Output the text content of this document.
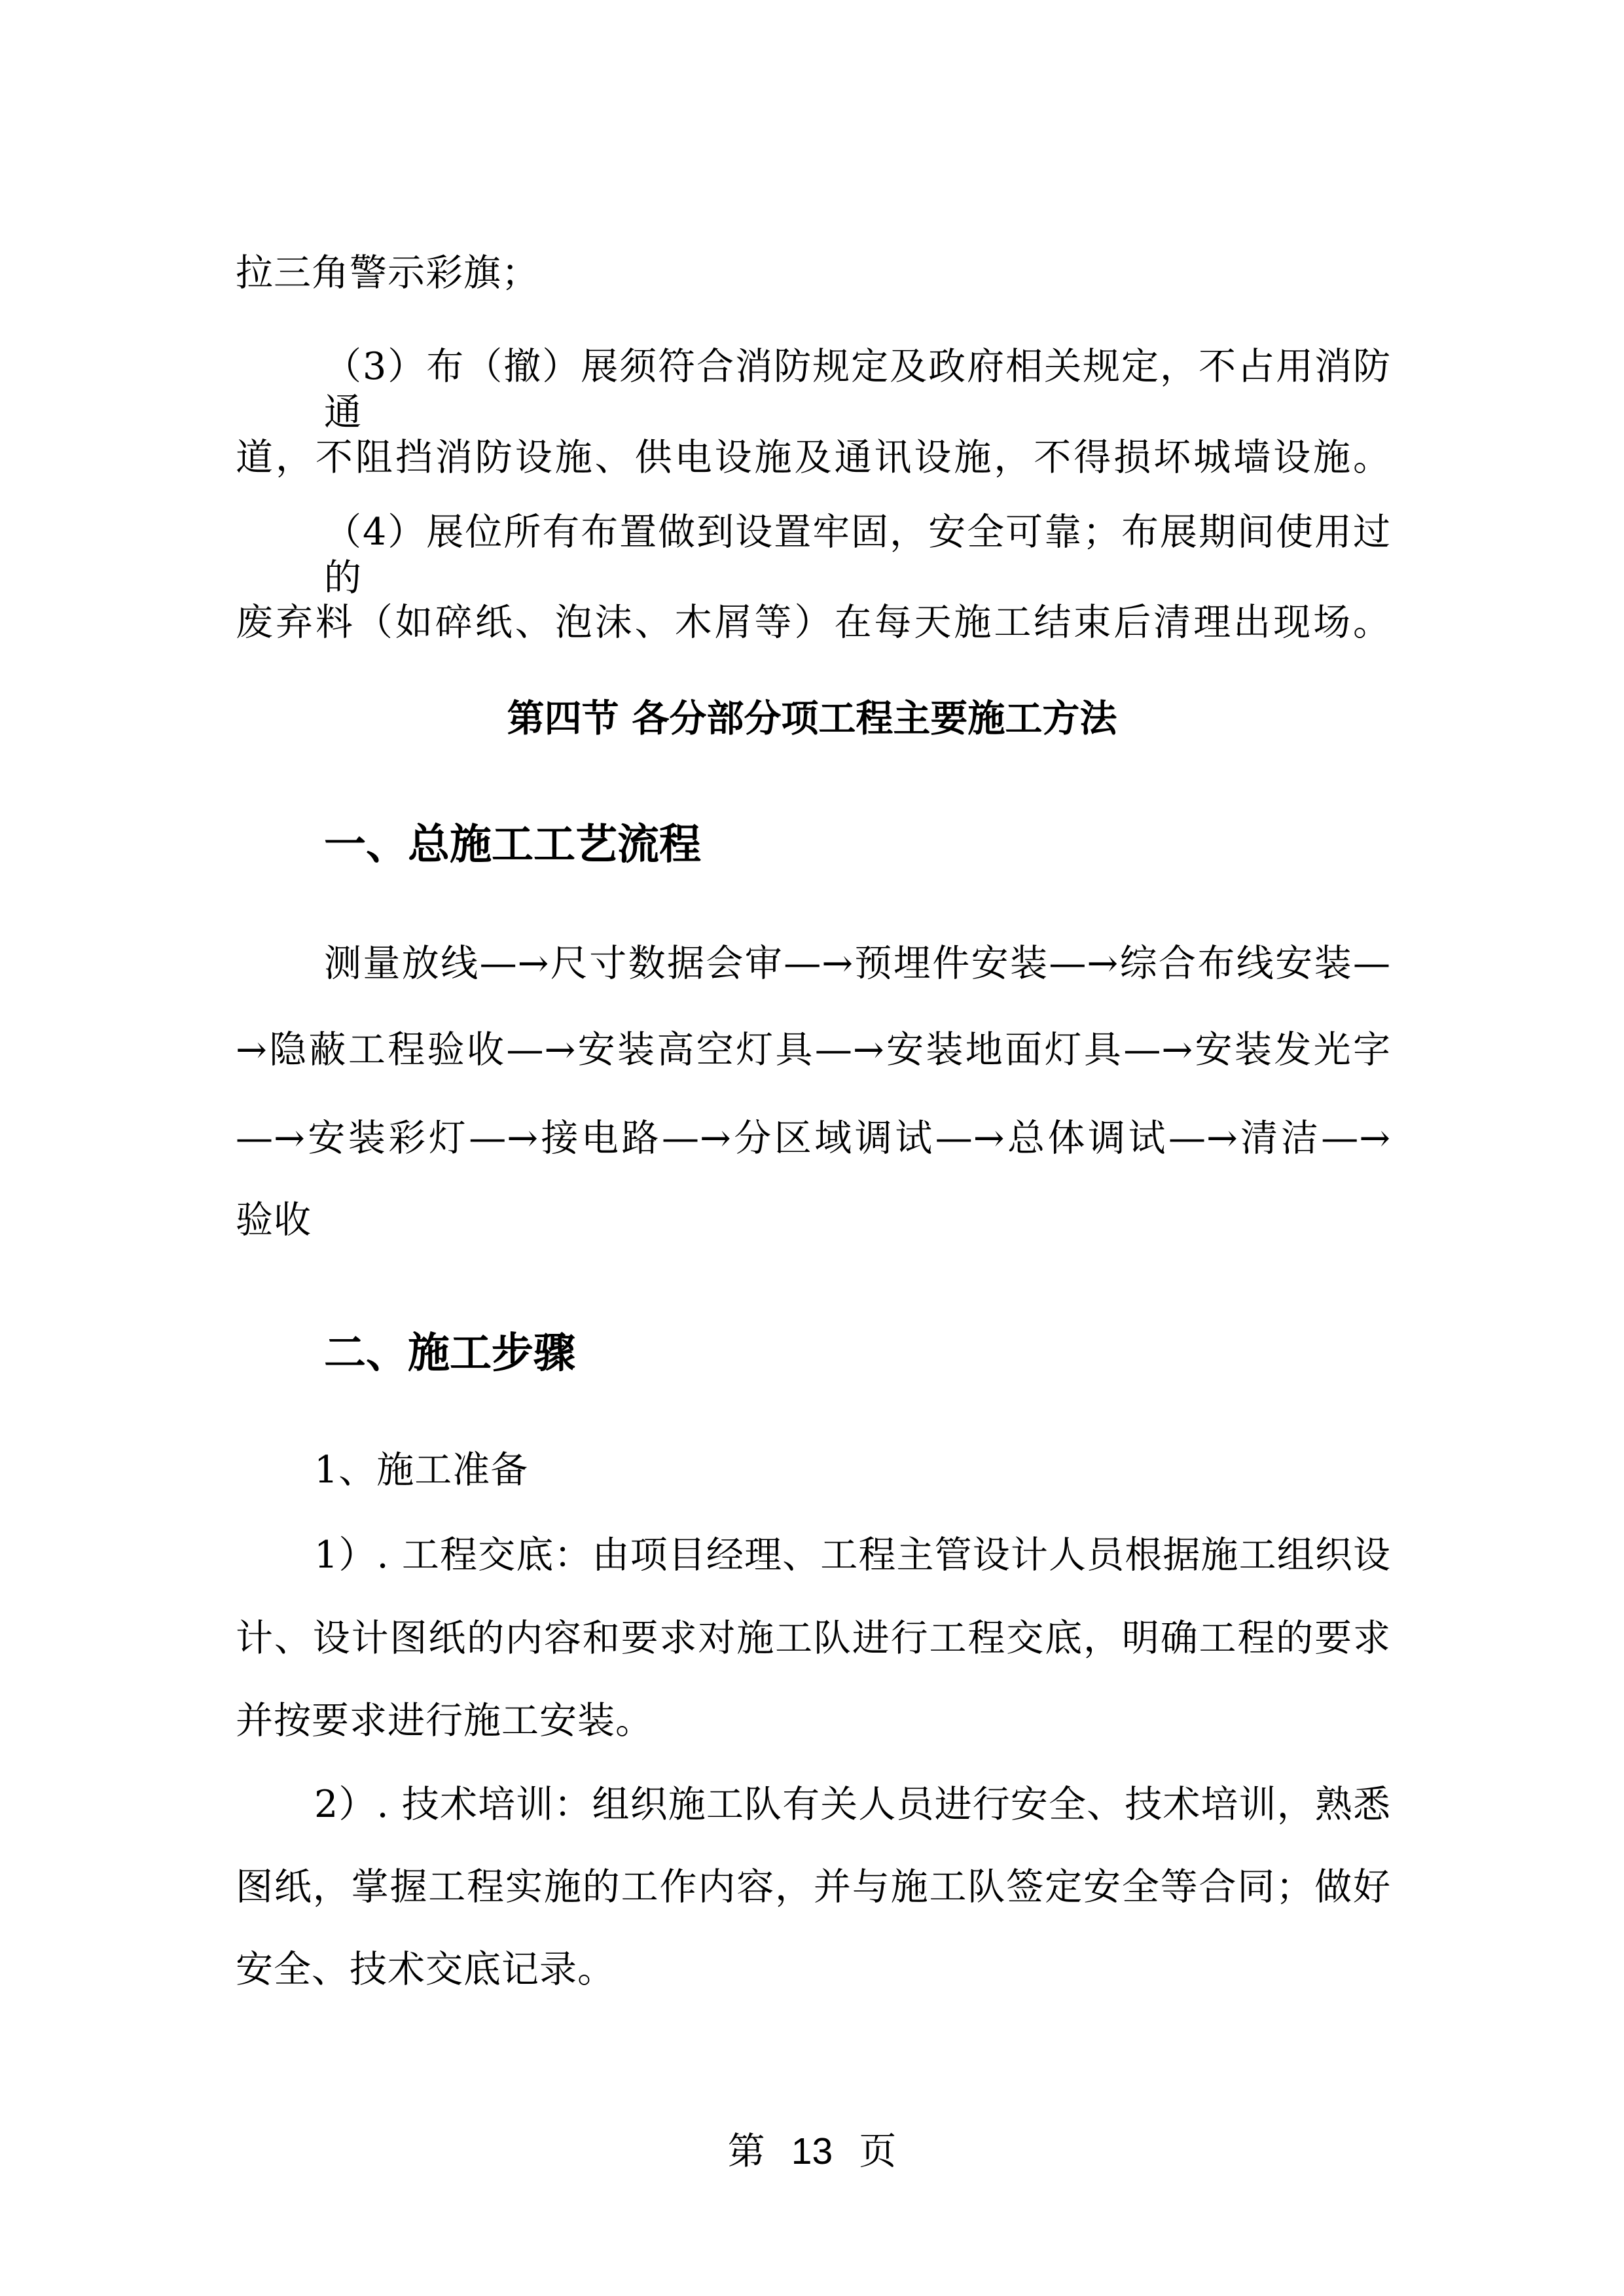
拉三角警示彩旗；
（3）布（撤）展须符合消防规定及政府相关规定，不占用消防通
道，不阻挡消防设施、供电设施及通讯设施，不得损坏城墙设施。
（4）展位所有布置做到设置牢固，安全可靠；布展期间使用过的
废弃料（如碎纸、泡沫、木屑等）在每天施工结束后清理出现场。
第四节 各分部分项工程主要施工方法
一、总施工工艺流程
测量放线—→尺寸数据会审—→预埋件安装—→综合布线安装—
→隐蔽工程验收—→安装高空灯具—→安装地面灯具—→安装发光字
—→安装彩灯—→接电路—→分区域调试—→总体调试—→清洁—→
验收
二、施工步骤
1、施工准备
1）. 工程交底：由项目经理、工程主管设计人员根据施工组织设
计、设计图纸的内容和要求对施工队进行工程交底，明确工程的要求
并按要求进行施工安装。
2）. 技术培训：组织施工队有关人员进行安全、技术培训，熟悉
图纸，掌握工程实施的工作内容，并与施工队签定安全等合同；做好
安全、技术交底记录。
第 13 页
